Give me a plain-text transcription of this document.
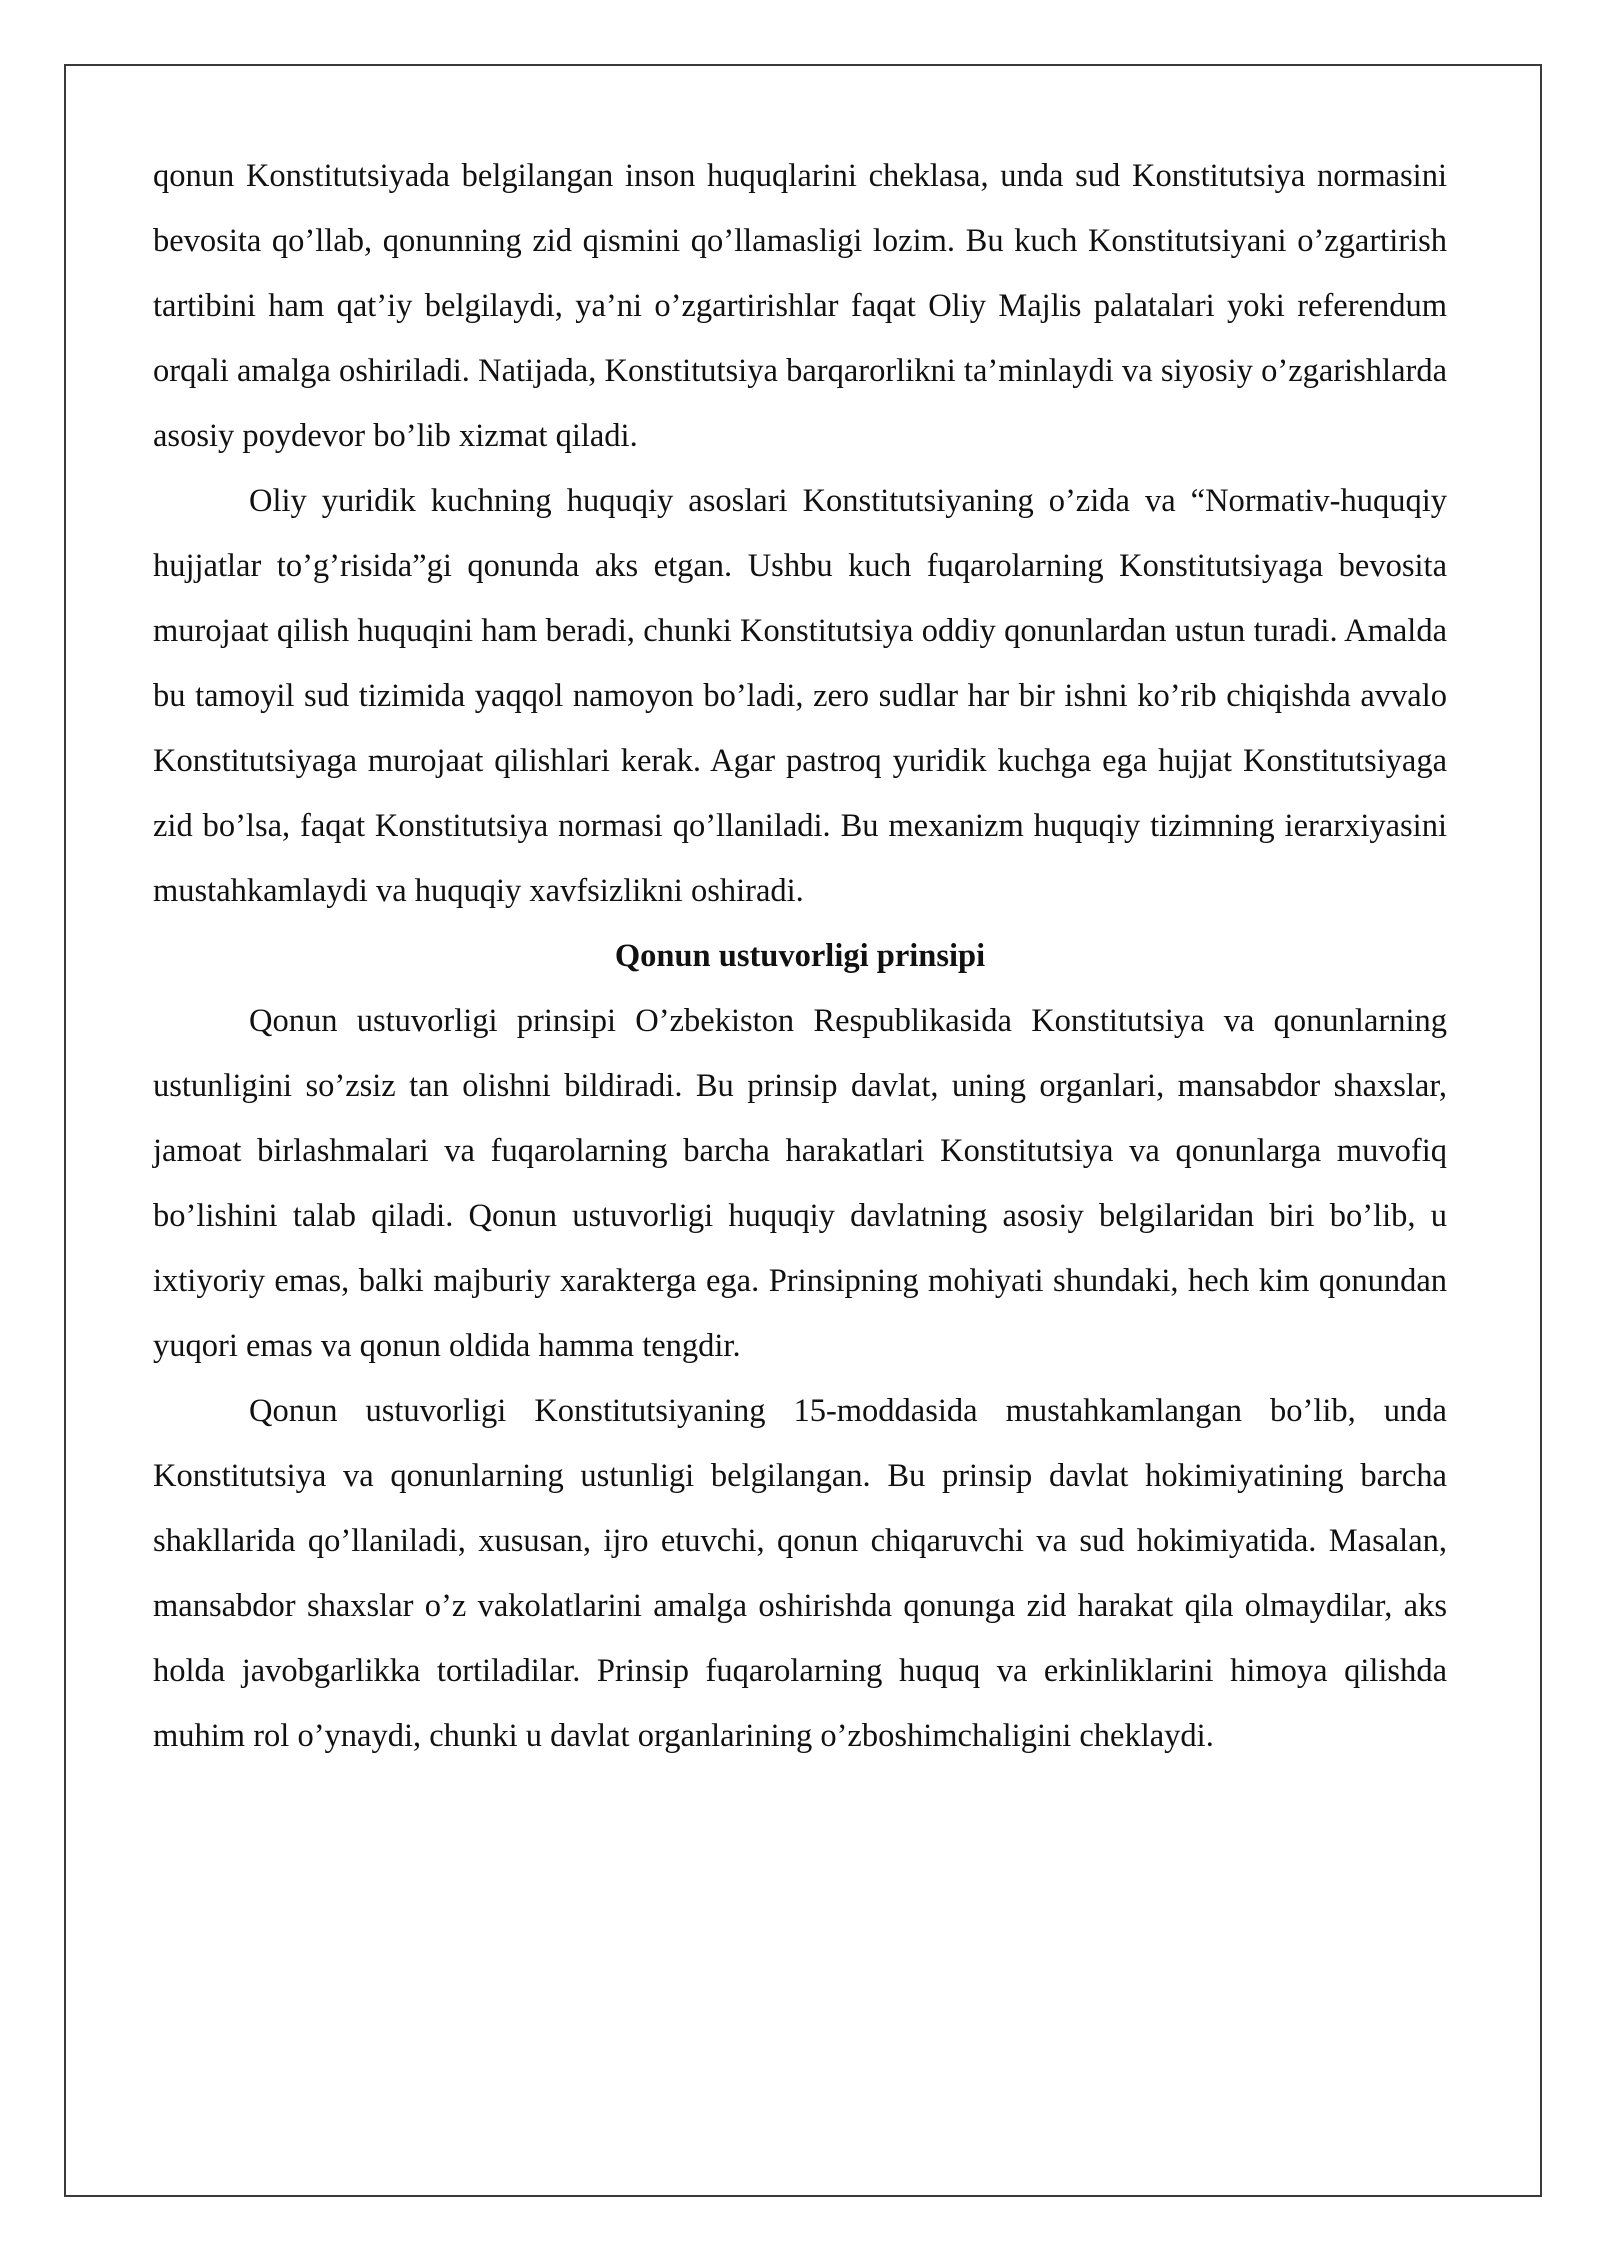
qonun Konstitutsiyada belgilangan inson huquqlarini cheklasa, unda sud Konstitutsiya normasini bevosita qo’llab, qonunning zid qismini qo’llamasligi lozim. Bu kuch Konstitutsiyani o’zgartirish tartibini ham qat’iy belgilaydi, ya’ni o’zgartirishlar faqat Oliy Majlis palatalari yoki referendum orqali amalga oshiriladi. Natijada, Konstitutsiya barqarorlikni ta’minlaydi va siyosiy o’zgarishlarda asosiy poydevor bo’lib xizmat qiladi.

Oliy yuridik kuchning huquqiy asoslari Konstitutsiyaning o’zida va “Normativ-huquqiy hujjatlar to’g’risida”gi qonunda aks etgan. Ushbu kuch fuqarolarning Konstitutsiyaga bevosita murojaat qilish huquqini ham beradi, chunki Konstitutsiya oddiy qonunlardan ustun turadi. Amalda bu tamoyil sud tizimida yaqqol namoyon bo’ladi, zero sudlar har bir ishni ko’rib chiqishda avvalo Konstitutsiyaga murojaat qilishlari kerak. Agar pastroq yuridik kuchga ega hujjat Konstitutsiyaga zid bo’lsa, faqat Konstitutsiya normasi qo’llaniladi. Bu mexanizm huquqiy tizimning ierarxiyasini mustahkamlaydi va huquqiy xavfsizlikni oshiradi.

Qonun ustuvorligi prinsipi

Qonun ustuvorligi prinsipi O’zbekiston Respublikasida Konstitutsiya va qonunlarning ustunligini so’zsiz tan olishni bildiradi. Bu prinsip davlat, uning organlari, mansabdor shaxslar, jamoat birlashmalari va fuqarolarning barcha harakatlari Konstitutsiya va qonunlarga muvofiq bo’lishini talab qiladi. Qonun ustuvorligi huquqiy davlatning asosiy belgilaridan biri bo’lib, u ixtiyoriy emas, balki majburiy xarakterga ega. Prinsipning mohiyati shundaki, hech kim qonundan yuqori emas va qonun oldida hamma tengdir.

Qonun ustuvorligi Konstitutsiyaning 15-moddasida mustahkamlangan bo’lib, unda Konstitutsiya va qonunlarning ustunligi belgilangan. Bu prinsip davlat hokimiyatining barcha shakllarida qo’llaniladi, xususan, ijro etuvchi, qonun chiqaruvchi va sud hokimiyatida. Masalan, mansabdor shaxslar o’z vakolatlarini amalga oshirishda qonunga zid harakat qila olmaydilar, aks holda javobgarlikka tortiladilar. Prinsip fuqarolarning huquq va erkinliklarini himoya qilishda muhim rol o’ynaydi, chunki u davlat organlarining o’zboshimchaligini cheklaydi.
